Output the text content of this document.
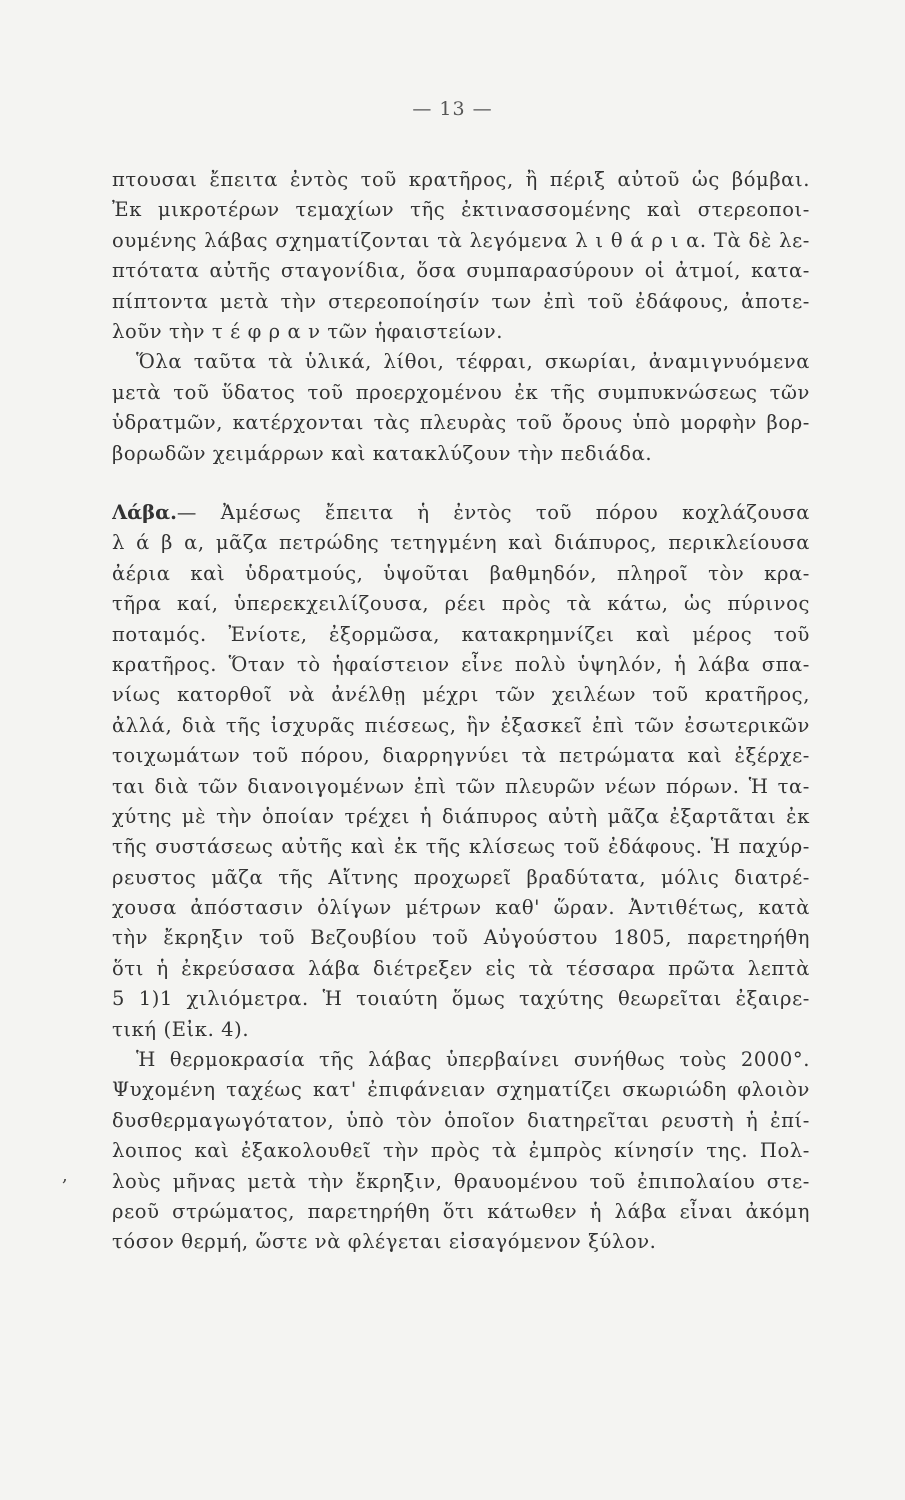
— 13 —
,
πτουσαι ἔπειτα ἐντὸς τοῦ κρατῆρος, ἢ πέριξ αὐτοῦ ὡς βόμβαι.
Ἐκ μικροτέρων τεμαχίων τῆς ἐκτινασσομένης καὶ στερεοποι-
ουμένης λάβας σχηματίζονται τὰ λεγόμενα λ ι θ ά ρ ι α. Τὰ δὲ λε-
πτότατα αὐτῆς σταγονίδια, ὅσα συμπαρασύρουν οἱ ἀτμοί, κατα-
πίπτοντα μετὰ τὴν στερεοποίησίν των ἐπὶ τοῦ ἐδάφους, ἀποτε-
λοῦν τὴν τ έ φ ρ α ν τῶν ἡφαιστείων.
Ὅλα ταῦτα τὰ ὑλικά, λίθοι, τέφραι, σκωρίαι, ἀναμιγνυόμενα
μετὰ τοῦ ὕδατος τοῦ προερχομένου ἐκ τῆς συμπυκνώσεως τῶν
ὑδρατμῶν, κατέρχονται τὰς πλευρὰς τοῦ ὄρους ὑπὸ μορφὴν βορ-
βορωδῶν χειμάρρων καὶ κατακλύζουν τὴν πεδιάδα.
Λάβα.— Ἀμέσως ἔπειτα ἡ ἐντὸς τοῦ πόρου κοχλάζουσα
λ ά β α, μᾶζα πετρώδης τετηγμένη καὶ διάπυρος, περικλείουσα
ἀέρια καὶ ὑδρατμούς, ὑψοῦται βαθμηδόν, πληροῖ τὸν κρα-
τῆρα καί, ὑπερεκχειλίζουσα, ρέει πρὸς τὰ κάτω, ὡς πύρινος
ποταμός. Ἐνίοτε, ἐξορμῶσα, κατακρημνίζει καὶ μέρος τοῦ
κρατῆρος. Ὅταν τὸ ἡφαίστειον εἶνε πολὺ ὑψηλόν, ἡ λάβα σπα-
νίως κατορθοῖ νὰ ἀνέλθῃ μέχρι τῶν χειλέων τοῦ κρατῆρος,
ἀλλά, διὰ τῆς ἰσχυρᾶς πιέσεως, ἣν ἐξασκεῖ ἐπὶ τῶν ἐσωτερικῶν
τοιχωμάτων τοῦ πόρου, διαρρηγνύει τὰ πετρώματα καὶ ἐξέρχε-
ται διὰ τῶν διανοιγομένων ἐπὶ τῶν πλευρῶν νέων πόρων. Ἡ τα-
χύτης μὲ τὴν ὁποίαν τρέχει ἡ διάπυρος αὐτὴ μᾶζα ἐξαρτᾶται ἐκ
τῆς συστάσεως αὐτῆς καὶ ἐκ τῆς κλίσεως τοῦ ἐδάφους. Ἡ παχύρ-
ρευστος μᾶζα τῆς Αἴτνης προχωρεῖ βραδύτατα, μόλις διατρέ-
χουσα ἀπόστασιν ὀλίγων μέτρων καθ' ὥραν. Ἀντιθέτως, κατὰ
τὴν ἔκρηξιν τοῦ Βεζουβίου τοῦ Αὐγούστου 1805, παρετηρήθη
ὅτι ἡ ἐκρεύσασα λάβα διέτρεξεν εἰς τὰ τέσσαρα πρῶτα λεπτὰ
5 1)1 χιλιόμετρα. Ἡ τοιαύτη ὅμως ταχύτης θεωρεῖται ἐξαιρε-
τική (Εἰκ. 4).
Ἡ θερμοκρασία τῆς λάβας ὑπερβαίνει συνήθως τοὺς 2000°.
Ψυχομένη ταχέως κατ' ἐπιφάνειαν σχηματίζει σκωριώδη φλοιὸν
δυσθερμαγωγότατον, ὑπὸ τὸν ὁποῖον διατηρεῖται ρευστὴ ἡ ἐπί-
λοιπος καὶ ἐξακολουθεῖ τὴν πρὸς τὰ ἐμπρὸς κίνησίν της. Πολ-
λοὺς μῆνας μετὰ τὴν ἔκρηξιν, θραυομένου τοῦ ἐπιπολαίου στε-
ρεοῦ στρώματος, παρετηρήθη ὅτι κάτωθεν ἡ λάβα εἶναι ἀκόμη
τόσον θερμή, ὥστε νὰ φλέγεται εἰσαγόμενον ξύλον.
